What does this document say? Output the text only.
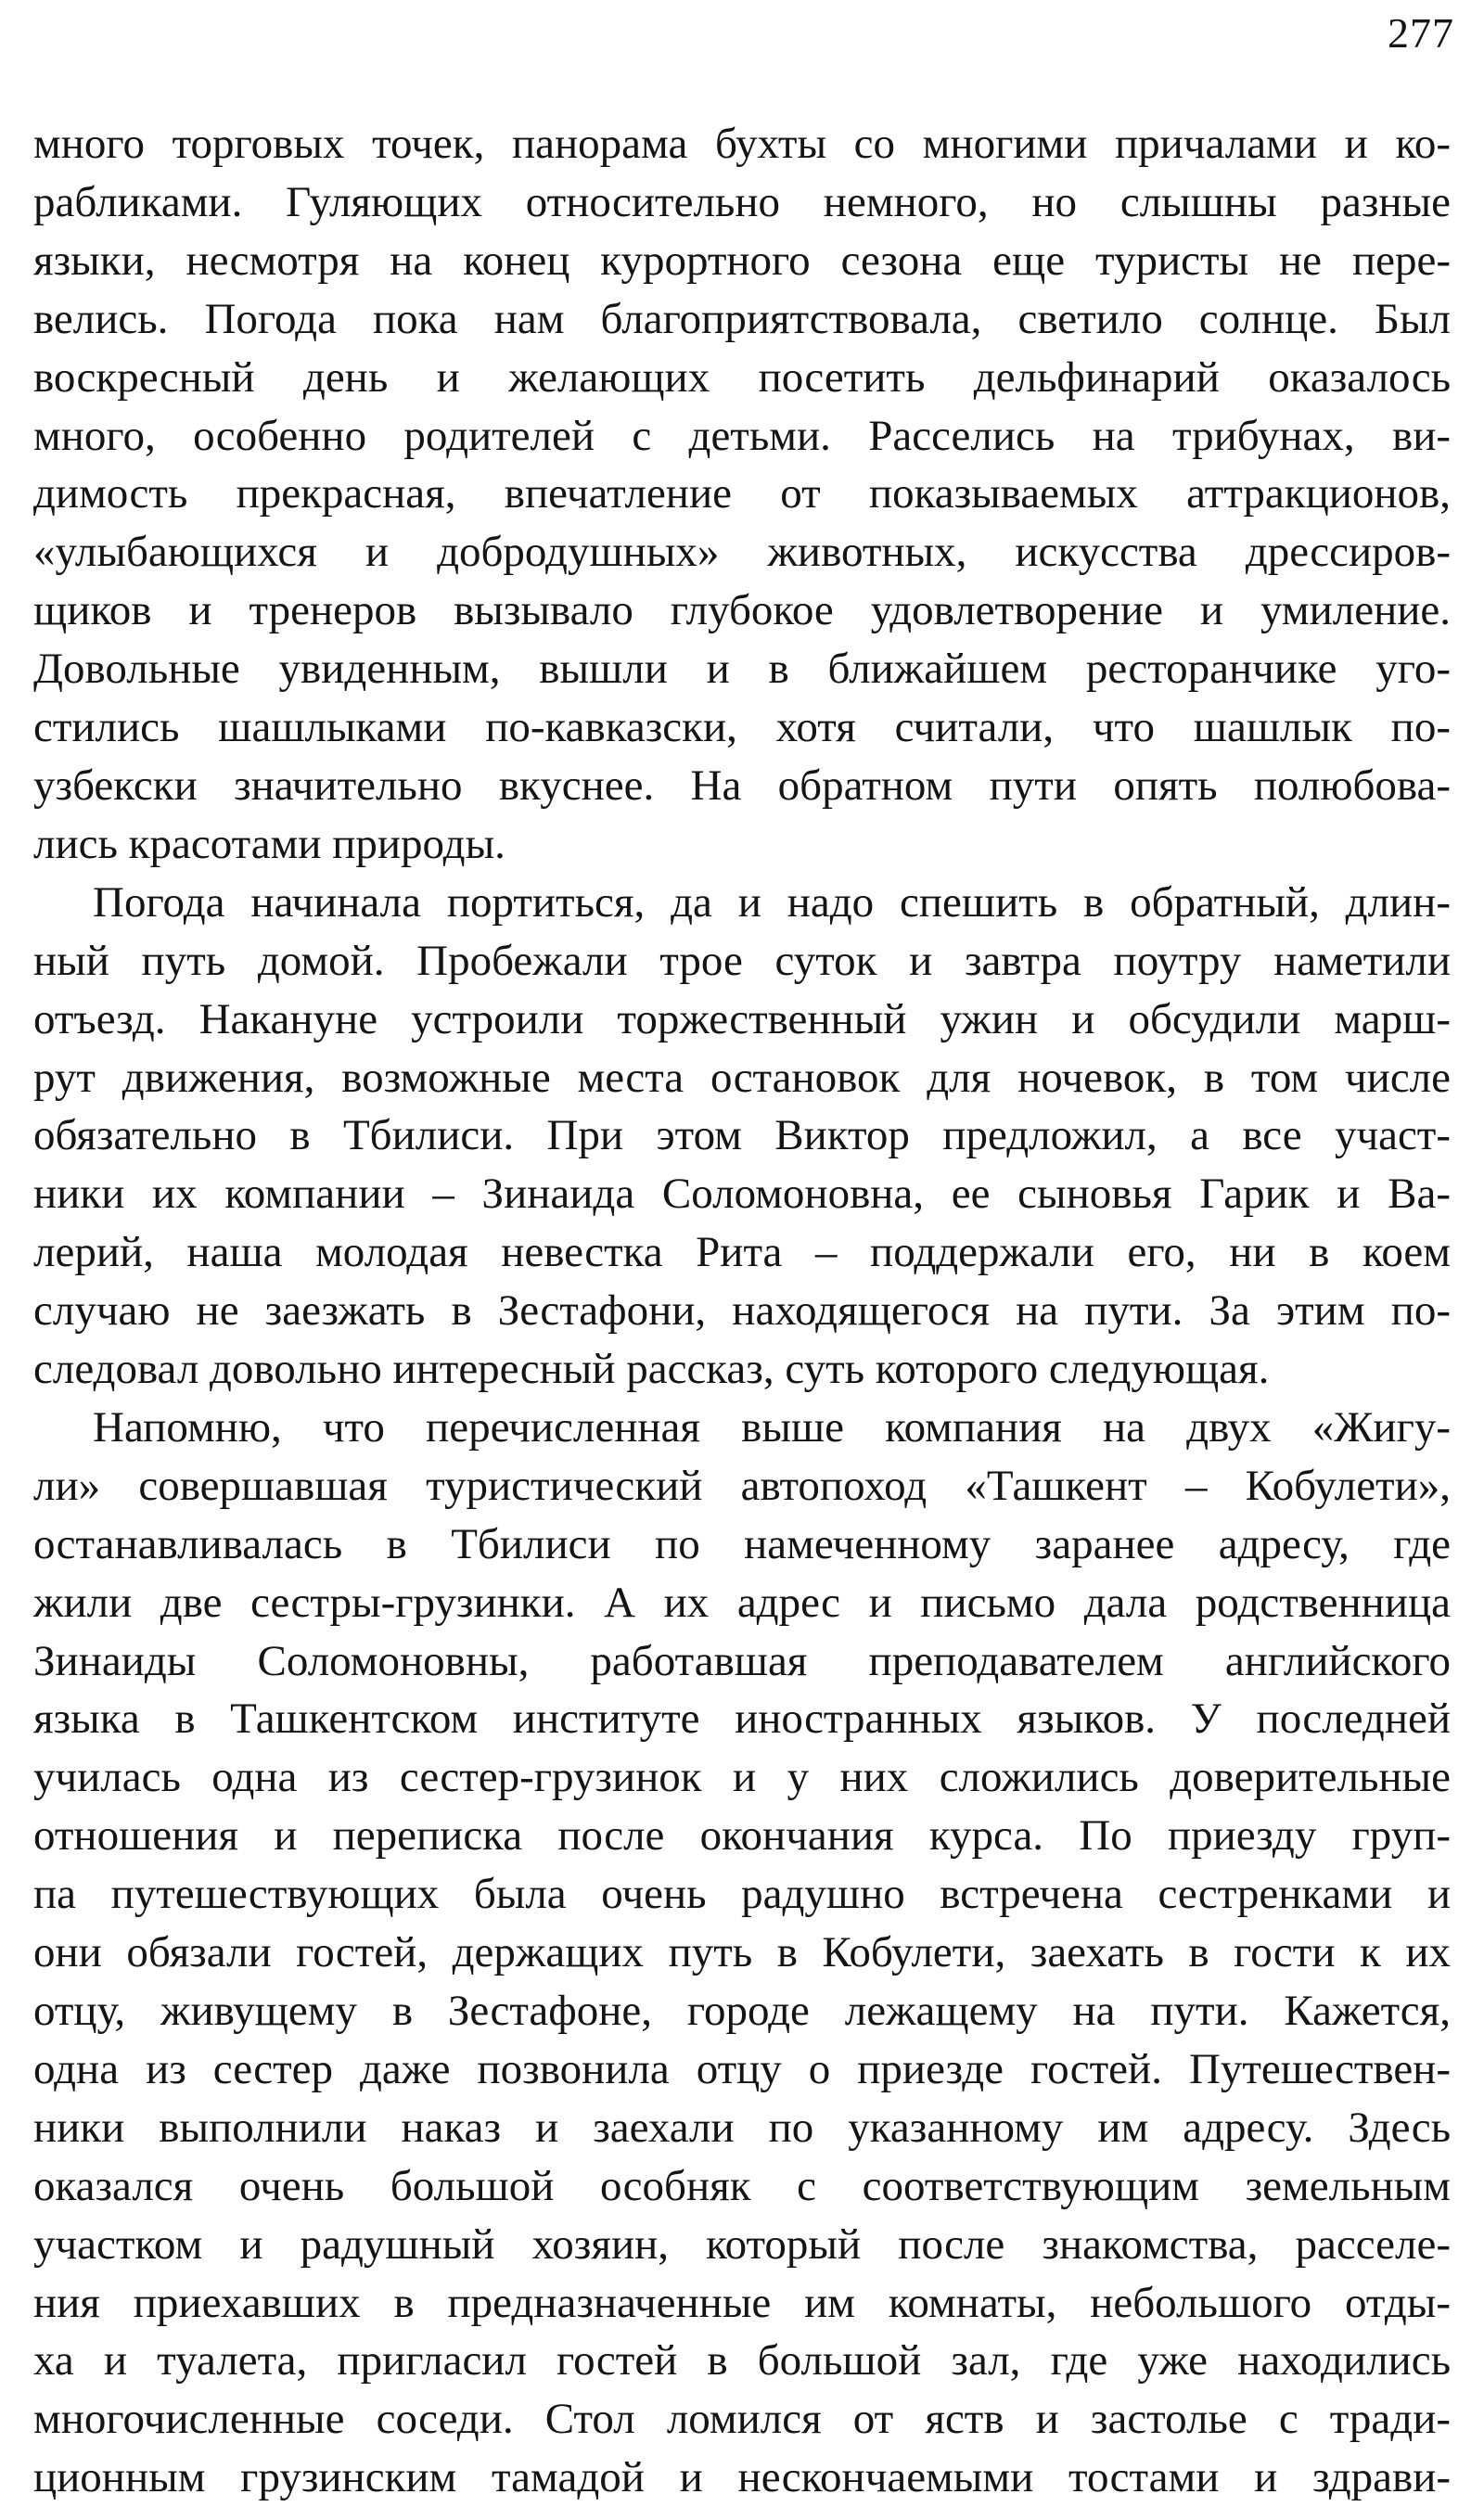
277

много торговых точек, панорама бухты со многими причалами и ко-
рабликами. Гуляющих относительно немного, но слышны разные
языки, несмотря на конец курортного сезона еще туристы не пере-
велись. Погода пока нам благоприятствовала, светило солнце. Был
воскресный день и желающих посетить дельфинарий оказалось
много, особенно родителей с детьми. Расселись на трибунах, ви-
димость прекрасная, впечатление от показываемых аттракционов,
«улыбающихся и добродушных» животных, искусства дрессиров-
щиков и тренеров вызывало глубокое удовлетворение и умиление.
Довольные увиденным, вышли и в ближайшем ресторанчике уго-
стились шашлыками по-кавказски, хотя считали, что шашлык по-
узбекски значительно вкуснее. На обратном пути опять полюбова-
лись красотами природы.

Погода начинала портиться, да и надо спешить в обратный, длин-
ный путь домой. Пробежали трое суток и завтра поутру наметили
отъезд. Накануне устроили торжественный ужин и обсудили марш-
рут движения, возможные места остановок для ночевок, в том числе
обязательно в Тбилиси. При этом Виктор предложил, а все участ-
ники их компании – Зинаида Соломоновна, ее сыновья Гарик и Ва-
лерий, наша молодая невестка Рита – поддержали его, ни в коем
случаю не заезжать в Зестафони, находящегося на пути. За этим по-
следовал довольно интересный рассказ, суть которого следующая.

Напомню, что перечисленная выше компания на двух «Жигу-
ли» совершавшая туристический автопоход «Ташкент – Кобулети»,
останавливалась в Тбилиси по намеченному заранее адресу, где
жили две сестры-грузинки. А их адрес и письмо дала родственница
Зинаиды Соломоновны, работавшая преподавателем английского
языка в Ташкентском институте иностранных языков. У последней
училась одна из сестер-грузинок и у них сложились доверительные
отношения и переписка после окончания курса. По приезду груп-
па путешествующих была очень радушно встречена сестренками и
они обязали гостей, держащих путь в Кобулети, заехать в гости к их
отцу, живущему в Зестафоне, городе лежащему на пути. Кажется,
одна из сестер даже позвонила отцу о приезде гостей. Путешествен-
ники выполнили наказ и заехали по указанному им адресу. Здесь
оказался очень большой особняк с соответствующим земельным
участком и радушный хозяин, который после знакомства, расселе-
ния приехавших в предназначенные им комнаты, небольшого отды-
ха и туалета, пригласил гостей в большой зал, где уже находились
многочисленные соседи. Стол ломился от яств и застолье с тради-
ционным грузинским тамадой и нескончаемыми тостами и здрави-
